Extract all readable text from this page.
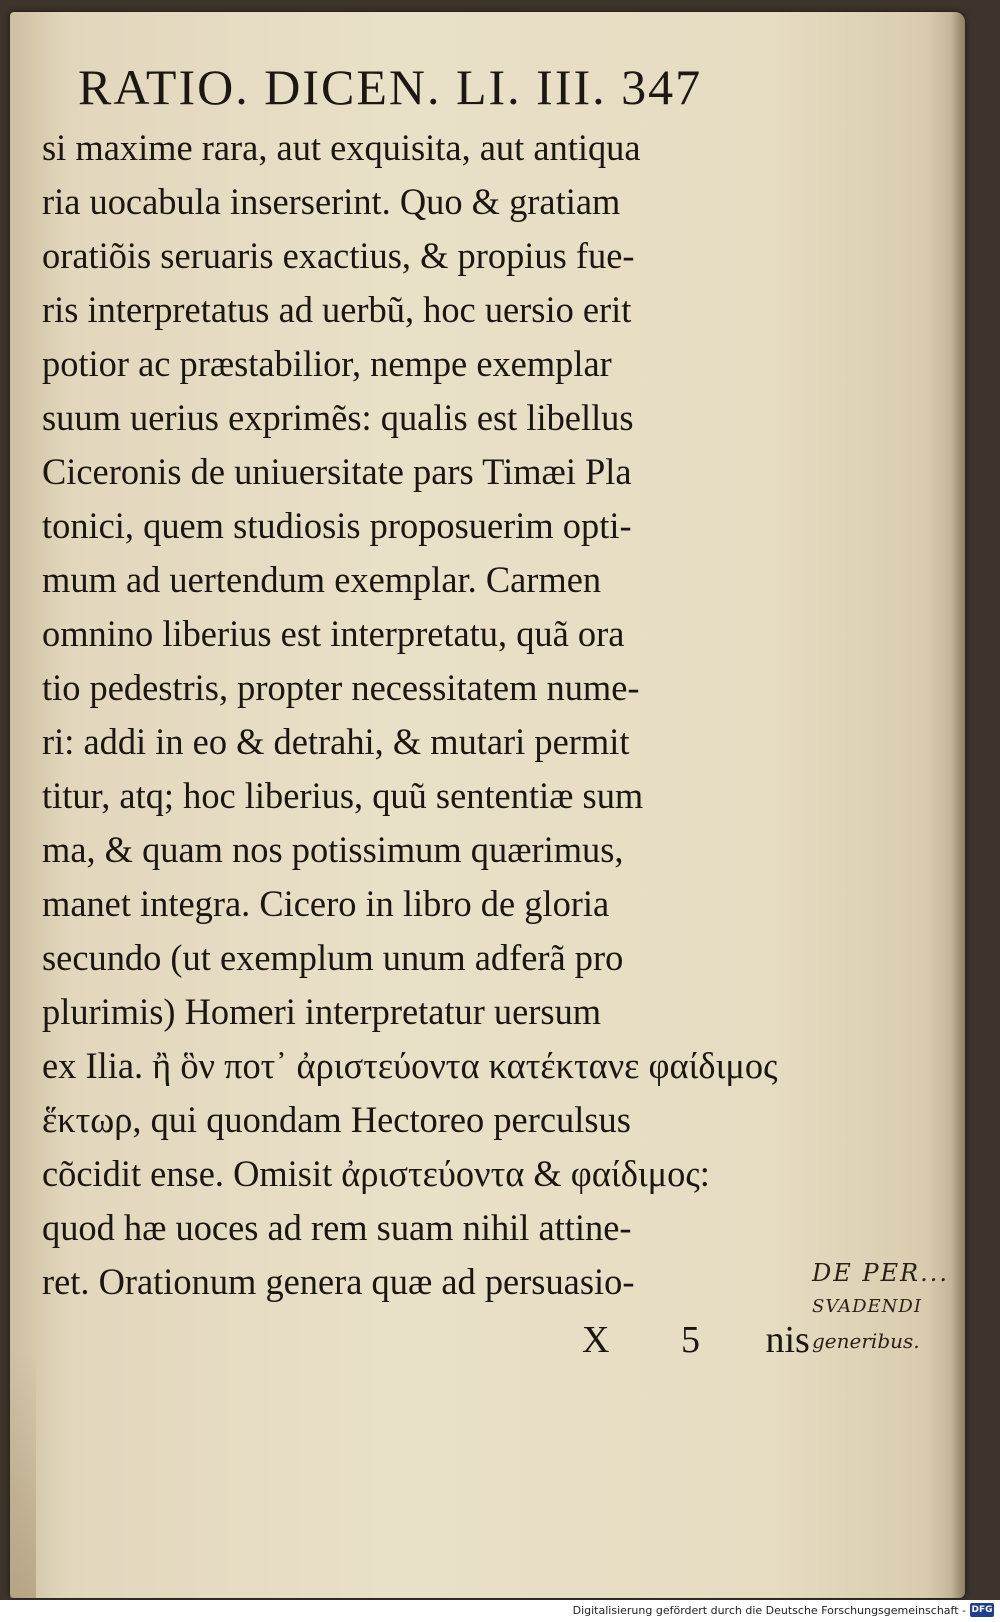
RATIO. DICEN. LI. III. 347
si maxime rara, aut exquisita, aut antiqua
ria uocabula inserserint. Quo & gratiam
oratiõis seruaris exactius, & propius fue-
ris interpretatus ad uerbũ, hoc uersio erit
potior ac præstabilior, nempe exemplar
suum uerius exprimẽs: qualis est libellus
Ciceronis de uniuersitate pars Timæi Pla
tonici, quem studiosis proposuerim opti-
mum ad uertendum exemplar. Carmen
omnino liberius est interpretatu, quã ora
tio pedestris, propter necessitatem nume-
ri: addi in eo & detrahi, & mutari permit
titur, atq; hoc liberius, quũ sententiæ sum
ma, & quam nos potissimum quærimus,
manet integra. Cicero in libro de gloria
secundo (ut exemplum unum adferã pro
plurimis) Homeri interpretatur uersum
ex Ilia. ἢ ὃν ποτ᾽ ἀριστεύοντα κατέκτανε φαίδιμος
ἕκτωρ, qui quondam Hectoreo perculsus
cõcidit ense. Omisit ἀριστεύοντα & φαίδιμος:
quod hæ uoces ad rem suam nihil attine-
ret. Orationum genera quæ ad persuasio-
X 5 nis
DE PER...
SVADENDI
generibus.
Digitalisierung gefördert durch die Deutsche Forschungsgemeinschaft - DFG
